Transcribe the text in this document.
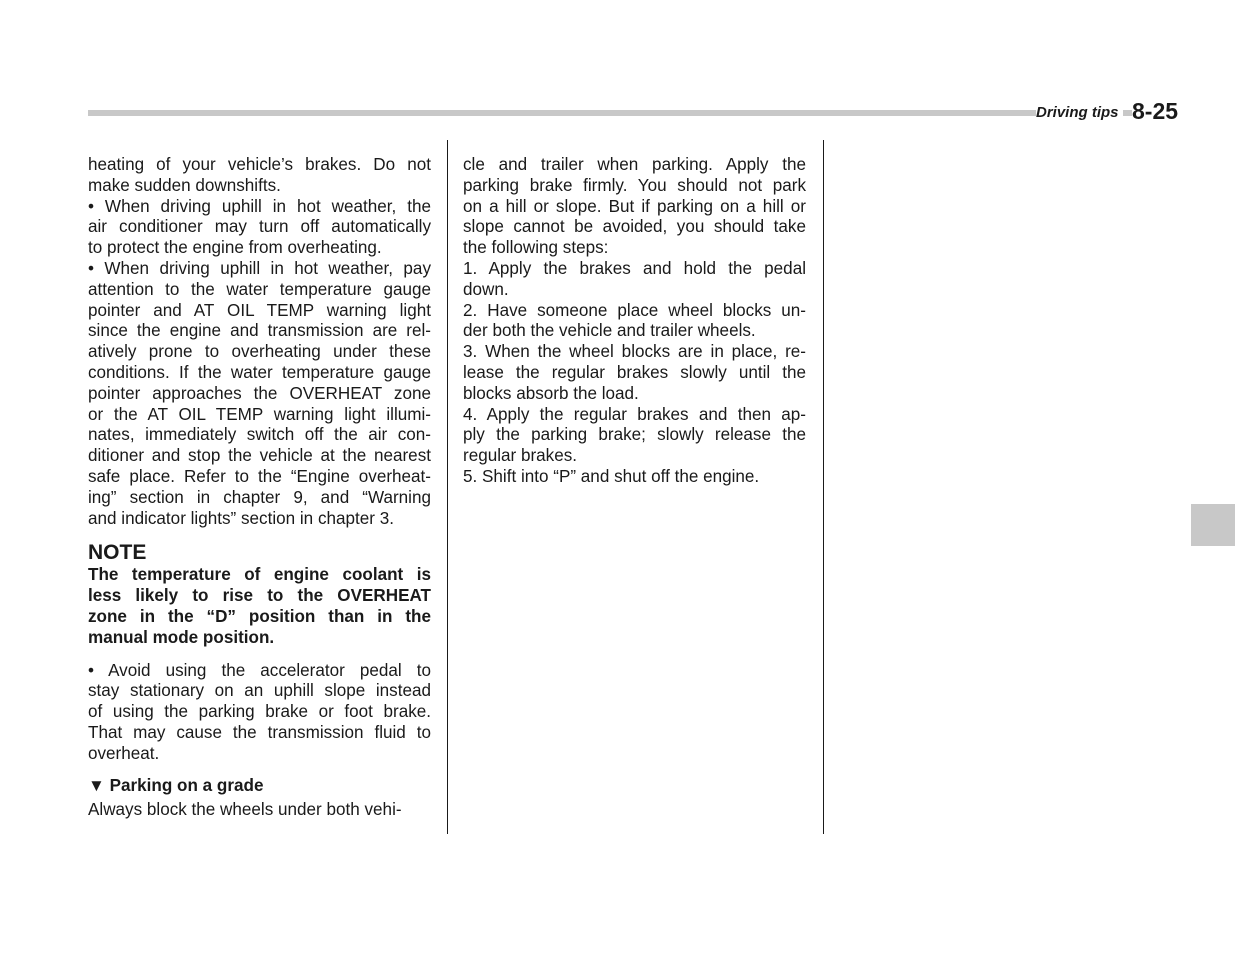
Driving tips 8-25

heating of your vehicle’s brakes. Do not

make sudden downshifts.

• When driving uphill in hot weather, the

air conditioner may turn off automatically

to protect the engine from overheating.

• When driving uphill in hot weather, pay

attention to the water temperature gauge

pointer and AT OIL TEMP warning light

since the engine and transmission are rel-

atively prone to overheating under these

conditions. If the water temperature gauge

pointer approaches the OVERHEAT zone

or the AT OIL TEMP warning light illumi-

nates, immediately switch off the air con-

ditioner and stop the vehicle at the nearest

safe place. Refer to the “Engine overheat-

ing” section in chapter 9, and “Warning

and indicator lights” section in chapter 3.

NOTE

The temperature of engine coolant is

less likely to rise to the OVERHEAT

zone in the “D” position than in the

manual mode position.

• Avoid using the accelerator pedal to

stay stationary on an uphill slope instead

of using the parking brake or foot brake.

That may cause the transmission fluid to

overheat.

▼ Parking on a grade

Always block the wheels under both vehi-

cle and trailer when parking. Apply the

parking brake firmly. You should not park

on a hill or slope. But if parking on a hill or

slope cannot be avoided, you should take

the following steps:

1. Apply the brakes and hold the pedal

down.

2. Have someone place wheel blocks un-

der both the vehicle and trailer wheels.

3. When the wheel blocks are in place, re-

lease the regular brakes slowly until the

blocks absorb the load.

4. Apply the regular brakes and then ap-

ply the parking brake; slowly release the

regular brakes.

5. Shift into “P” and shut off the engine.
